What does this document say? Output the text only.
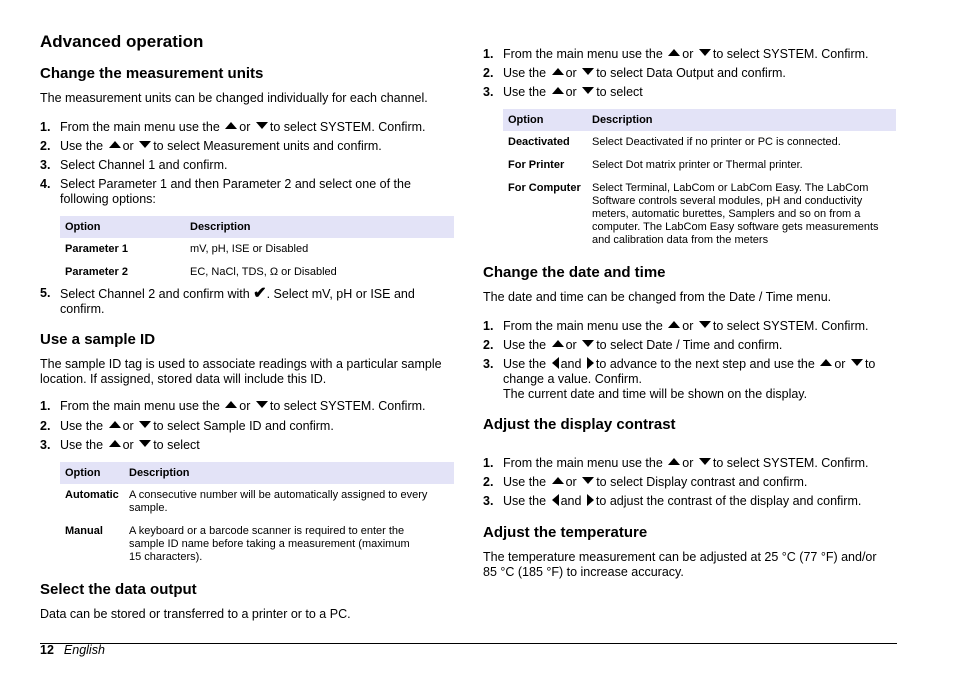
Advanced operation
Change the measurement units

The measurement units can be changed individually for each channel.

1. From the main menu use the or to select SYSTEM. Confirm.
2. Use the or to select Measurement units and confirm.
3. Select Channel 1 and confirm.
4. Select Parameter 1 and then Parameter 2 and select one of the following options:
Option	Description
Parameter 1	mV, pH, ISE or Disabled
Parameter 2	EC, NaCl, TDS, Ω or Disabled
5. Select Channel 2 and confirm with ✔. Select mV, pH or ISE and confirm.
Use a sample ID

The sample ID tag is used to associate readings with a particular sample location. If assigned, stored data will include this ID.

1. From the main menu use the or to select SYSTEM. Confirm.
2. Use the or to select Sample ID and confirm.
3. Use the or to select
Option	Description
Automatic	A consecutive number will be automatically assigned to every sample.
Manual	A keyboard or a barcode scanner is required to enter the sample ID name before taking a measurement (maximum 15 characters).
Select the data output

Data can be stored or transferred to a printer or to a PC.

1. From the main menu use the or to select SYSTEM. Confirm.
2. Use the or to select Data Output and confirm.
3. Use the or to select
Option	Description
Deactivated	Select Deactivated if no printer or PC is connected.
For Printer	Select Dot matrix printer or Thermal printer.
For Computer	Select Terminal, LabCom or LabCom Easy. The LabCom Software controls several modules, pH and conductivity meters, automatic burettes, Samplers and so on from a computer. The LabCom Easy software gets measurements and calibration data from the meters
Change the date and time

The date and time can be changed from the Date / Time menu.

1. From the main menu use the or to select SYSTEM. Confirm.
2. Use the or to select Date / Time and confirm.
3. Use the and to advance to the next step and use the or to change a value. Confirm.
The current date and time will be shown on the display.
Adjust the display contrast
1. From the main menu use the or to select SYSTEM. Confirm.
2. Use the or to select Display contrast and confirm.
3. Use the and to adjust the contrast of the display and confirm.
Adjust the temperature

The temperature measurement can be adjusted at 25 °C (77 °F) and/or 85 °C (185 °F) to increase accuracy.

12 English
